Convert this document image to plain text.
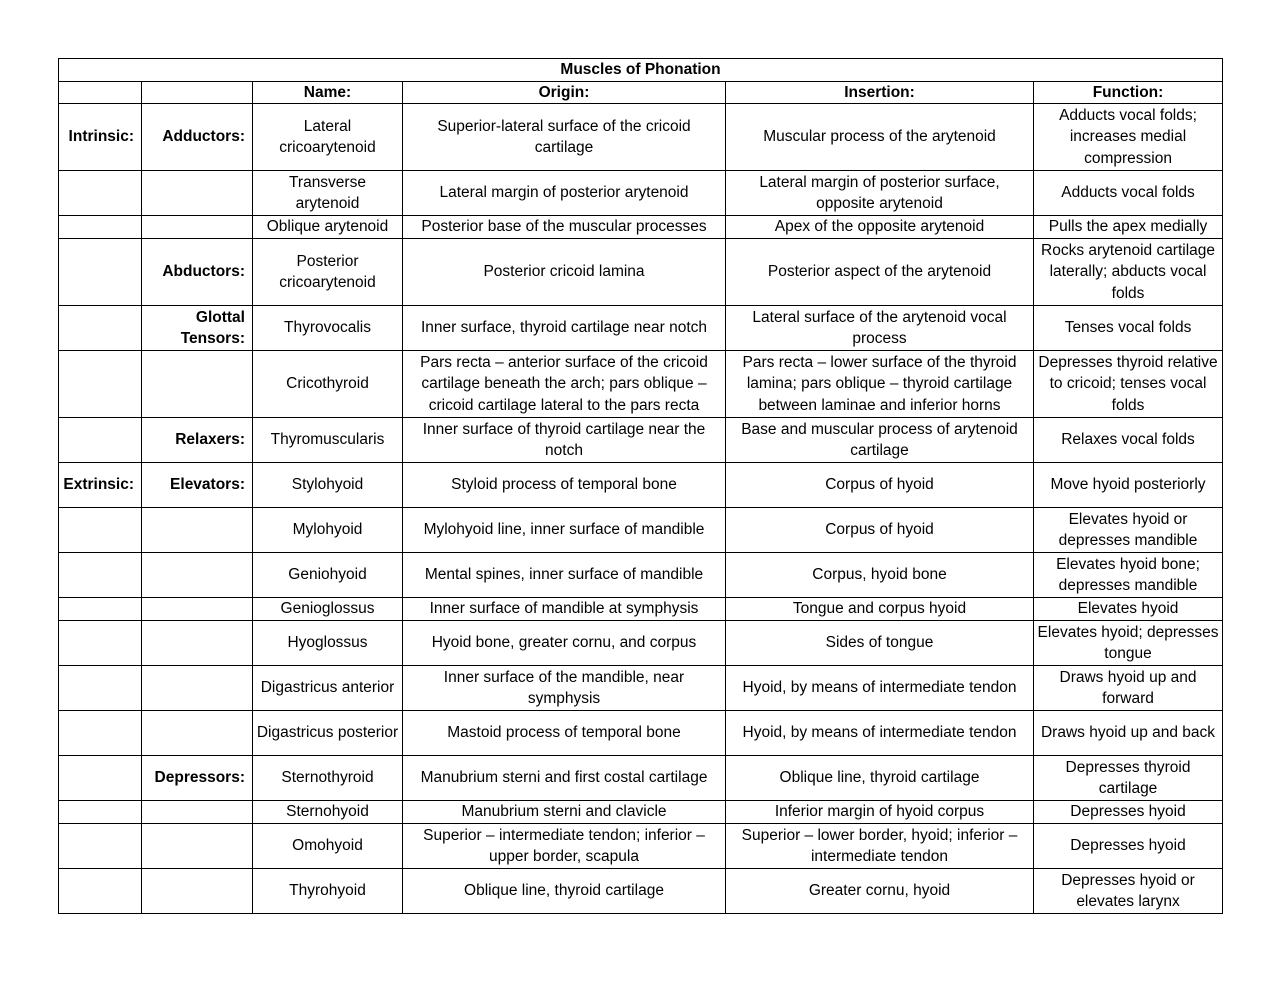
Muscles of Phonation					
		Name:	Origin:	Insertion:	Function:
Intrinsic:	Adductors:	Lateral cricoarytenoid	Superior-lateral surface of the cricoid cartilage	Muscular process of the arytenoid	Adducts vocal folds; increases medial compression
		Transverse arytenoid	Lateral margin of posterior arytenoid	Lateral margin of posterior surface, opposite arytenoid	Adducts vocal folds
		Oblique arytenoid	Posterior base of the muscular processes	Apex of the opposite arytenoid	Pulls the apex medially
	Abductors:	Posterior cricoarytenoid	Posterior cricoid lamina	Posterior aspect of the arytenoid	Rocks arytenoid cartilage laterally; abducts vocal folds
	Glottal Tensors:	Thyrovocalis	Inner surface, thyroid cartilage near notch	Lateral surface of the arytenoid vocal process	Tenses vocal folds
		Cricothyroid	Pars recta – anterior surface of the cricoid cartilage beneath the arch; pars oblique – cricoid cartilage lateral to the pars recta	Pars recta – lower surface of the thyroid lamina; pars oblique – thyroid cartilage between laminae and inferior horns	Depresses thyroid relative to cricoid; tenses vocal folds
	Relaxers:	Thyromuscularis	Inner surface of thyroid cartilage near the notch	Base and muscular process of arytenoid cartilage	Relaxes vocal folds
Extrinsic:	Elevators:	Stylohyoid	Styloid process of temporal bone	Corpus of hyoid	Move hyoid posteriorly
		Mylohyoid	Mylohyoid line, inner surface of mandible	Corpus of hyoid	Elevates hyoid or depresses mandible
		Geniohyoid	Mental spines, inner surface of mandible	Corpus, hyoid bone	Elevates hyoid bone; depresses mandible
		Genioglossus	Inner surface of mandible at symphysis	Tongue and corpus hyoid	Elevates hyoid
		Hyoglossus	Hyoid bone, greater cornu, and corpus	Sides of tongue	Elevates hyoid; depresses tongue
		Digastricus anterior	Inner surface of the mandible, near symphysis	Hyoid, by means of intermediate tendon	Draws hyoid up and forward
		Digastricus posterior	Mastoid process of temporal bone	Hyoid, by means of intermediate tendon	Draws hyoid up and back
	Depressors:	Sternothyroid	Manubrium sterni and first costal cartilage	Oblique line, thyroid cartilage	Depresses thyroid cartilage
		Sternohyoid	Manubrium sterni and clavicle	Inferior margin of hyoid corpus	Depresses hyoid
		Omohyoid	Superior – intermediate tendon; inferior – upper border, scapula	Superior – lower border, hyoid; inferior – intermediate tendon	Depresses hyoid
		Thyrohyoid	Oblique line, thyroid cartilage	Greater cornu, hyoid	Depresses hyoid or elevates larynx
